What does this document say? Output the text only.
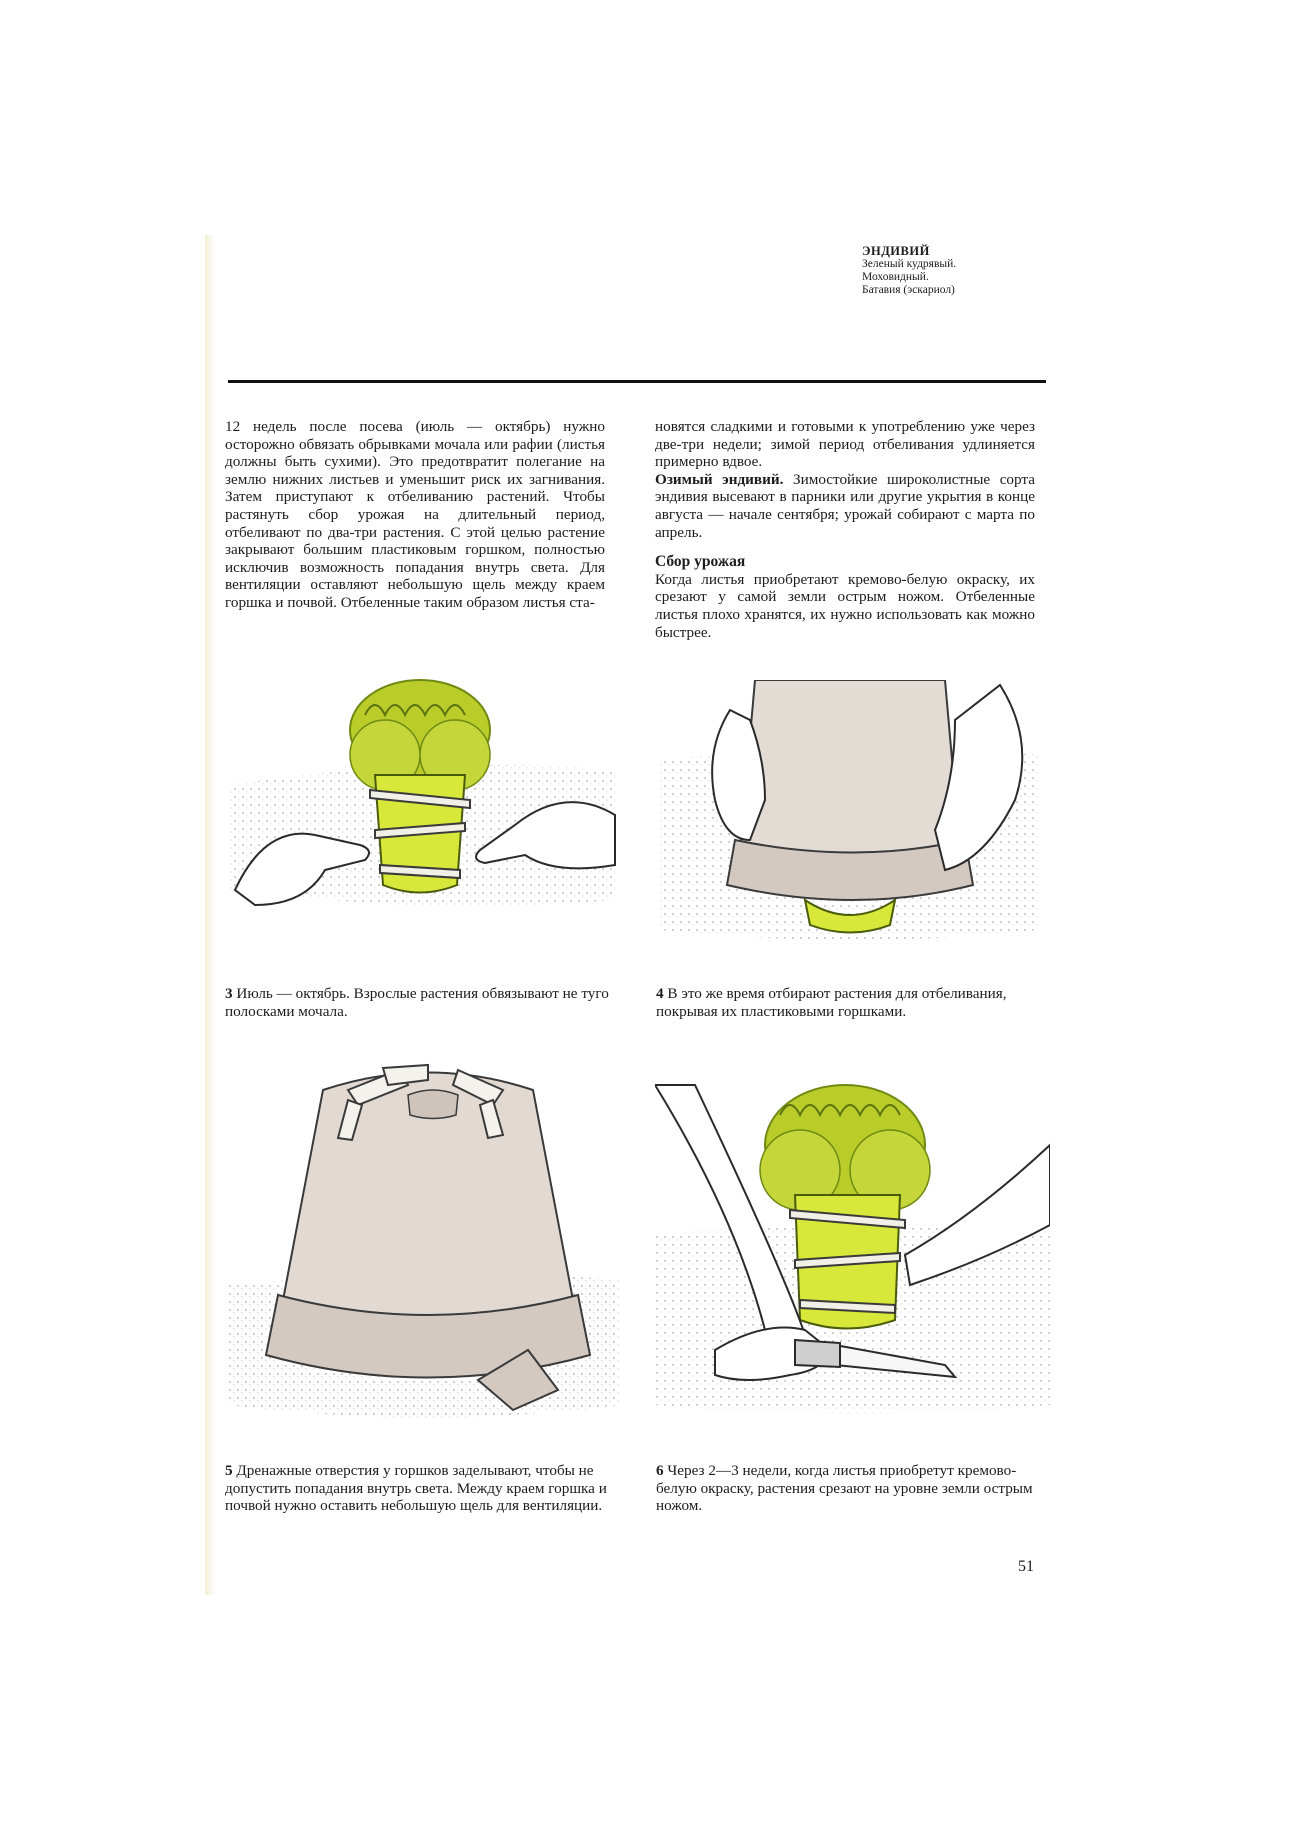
ЭНДИВИЙ
Зеленый кудрявый.
Моховидный.
Батавия (эскариол)

12 недель после посева (июль — октябрь) нужно осторожно обвязать обрывками мочала или рафии (листья должны быть сухими). Это предотвратит полегание на землю нижних листьев и уменьшит риск их загнивания. Затем приступают к отбеливанию растений. Чтобы растянуть сбор урожая на длительный период, отбеливают по два-три растения. С этой целью растение закрывают большим пластиковым горшком, полностью исключив возможность попадания внутрь света. Для вентиляции оставляют небольшую щель между краем горшка и почвой. Отбеленные таким образом листья ста-

новятся сладкими и готовыми к употреблению уже через две-три недели; зимой период отбеливания удлиняется примерно вдвое.

Озимый эндивий. Зимостойкие широколистные сорта эндивия высевают в парники или другие укрытия в конце августа — начале сентября; урожай собирают с марта по апрель.

Сбор урожая

Когда листья приобретают кремово-белую окраску, их срезают у самой земли острым ножом. Отбеленные листья плохо хранятся, их нужно использовать как можно быстрее.

3 Июль — октябрь. Взрослые растения обвязывают не туго полосками мочала.
4 В это же время отбирают растения для отбеливания, покрывая их пластиковыми горшками.
5 Дренажные отверстия у горшков заделывают, чтобы не допустить попадания внутрь света. Между краем горшка и почвой нужно оставить небольшую щель для вентиляции.
6 Через 2—3 недели, когда листья приобретут кремово-белую окраску, растения срезают на уровне земли острым ножом.
51
